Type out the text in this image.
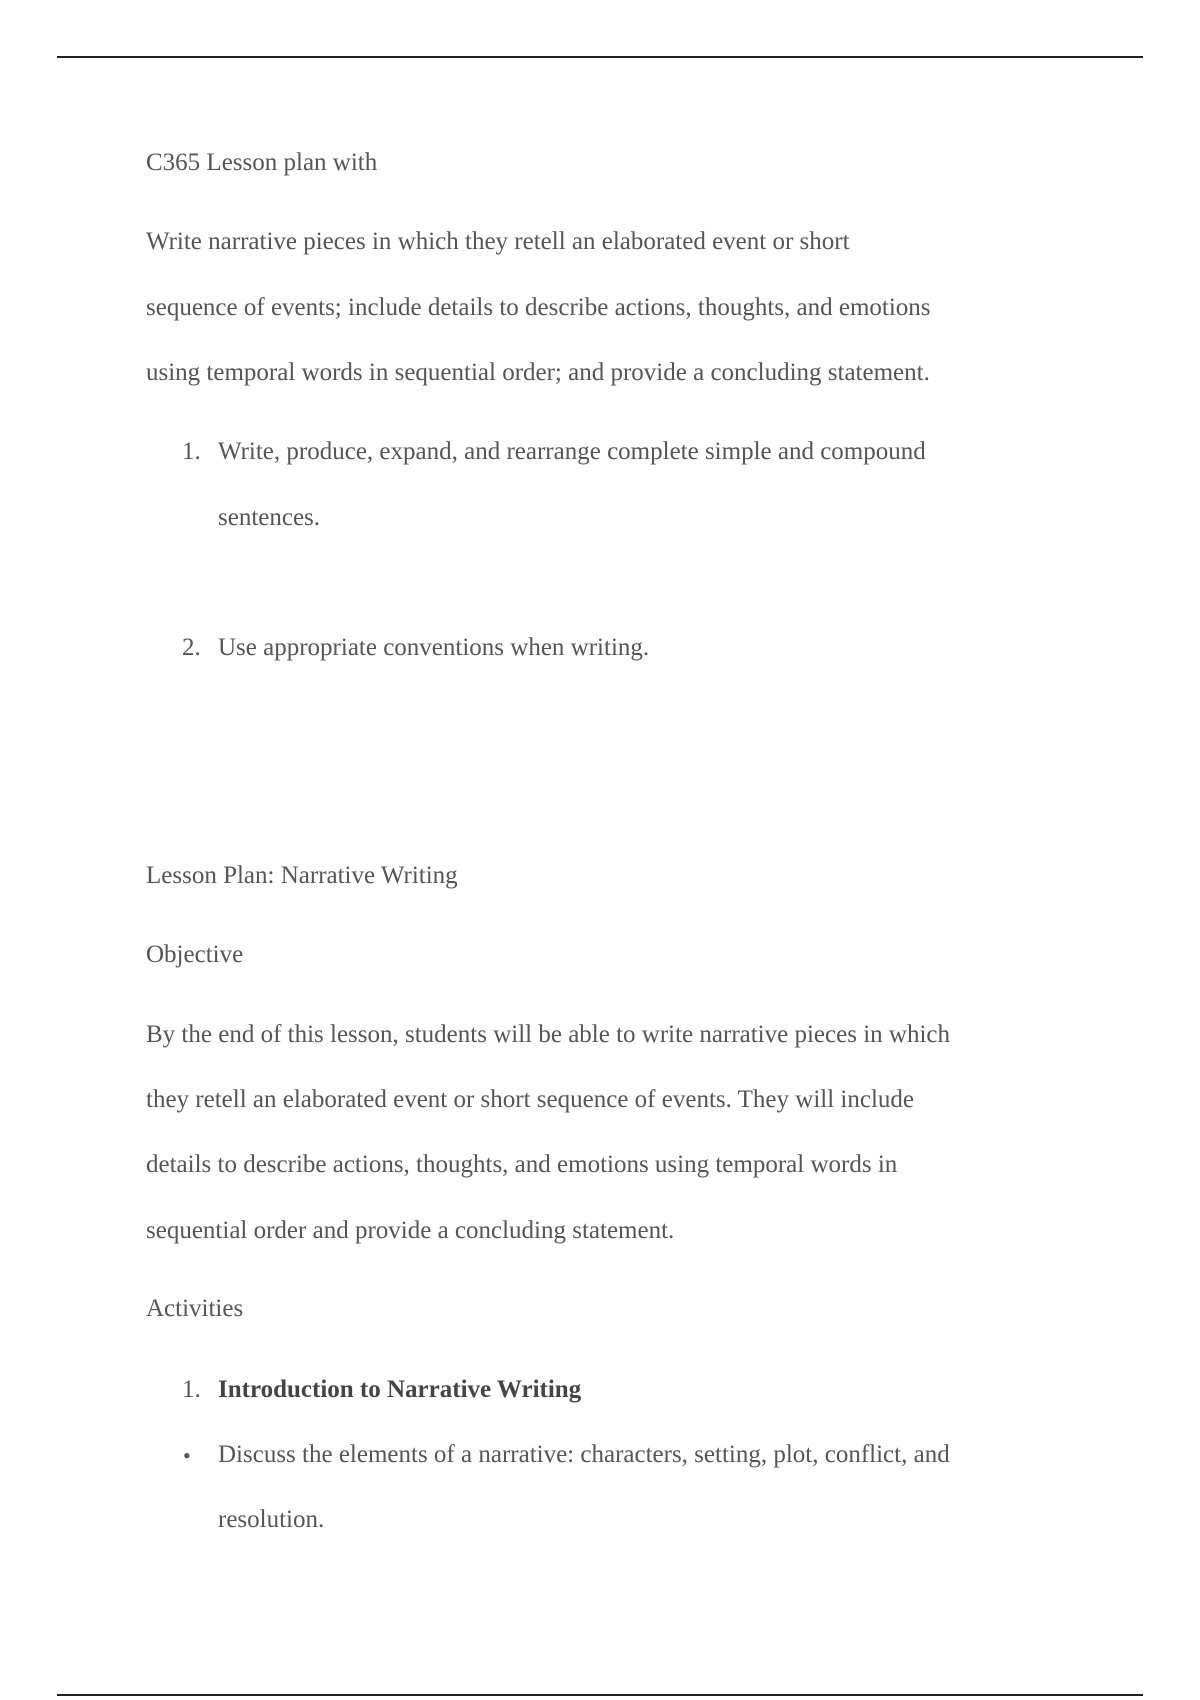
C365 Lesson plan with
Write narrative pieces in which they retell an elaborated event or short
sequence of events; include details to describe actions, thoughts, and emotions
using temporal words in sequential order; and provide a concluding statement.
1. Write, produce, expand, and rearrange complete simple and compound
sentences.
2. Use appropriate conventions when writing.
Lesson Plan: Narrative Writing
Objective
By the end of this lesson, students will be able to write narrative pieces in which
they retell an elaborated event or short sequence of events. They will include
details to describe actions, thoughts, and emotions using temporal words in
sequential order and provide a concluding statement.
Activities
1. Introduction to Narrative Writing
• Discuss the elements of a narrative: characters, setting, plot, conflict, and
resolution.
